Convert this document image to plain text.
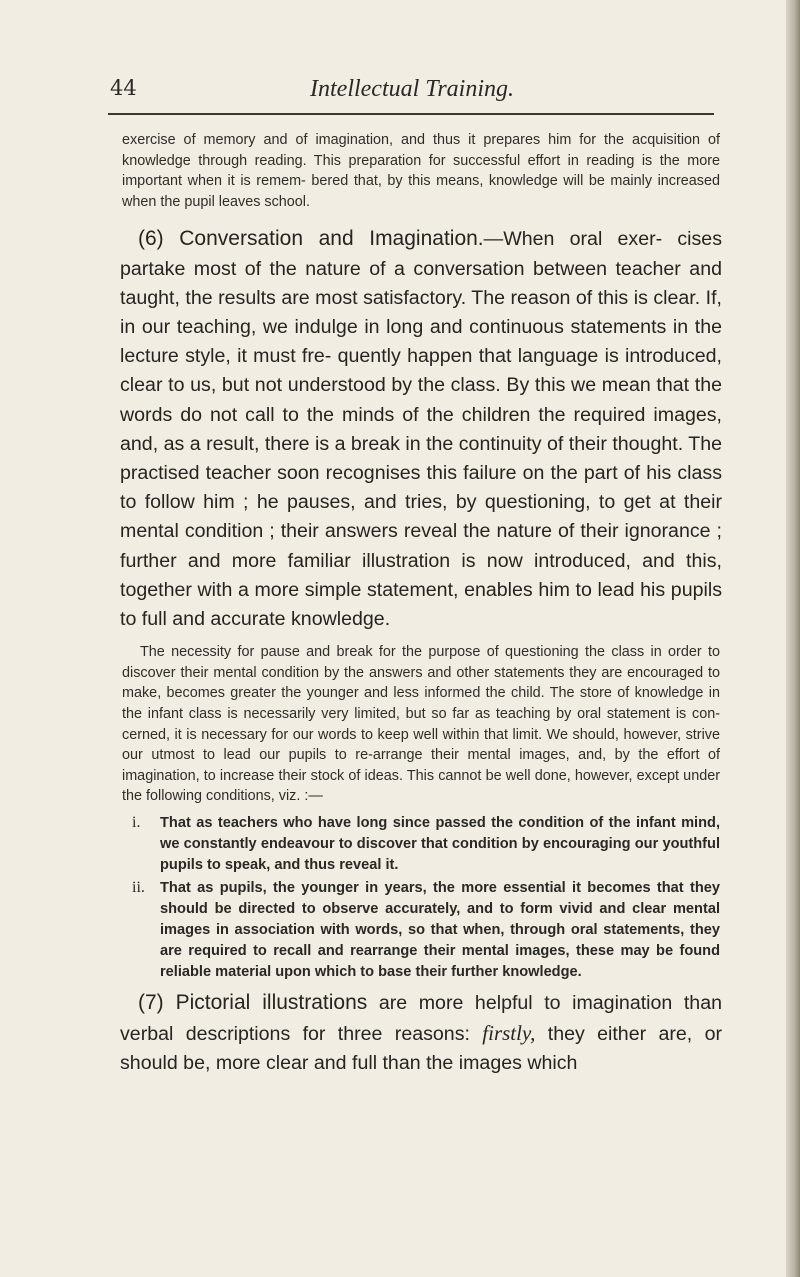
44	Intellectual Training.

exercise of memory and of imagination, and thus it prepares him for the acquisition of knowledge through reading. This preparation for successful effort in reading is the more important when it is remem- bered that, by this means, knowledge will be mainly increased when the pupil leaves school.

(6) Conversation and Imagination.—When oral exer- cises partake most of the nature of a conversation between teacher and taught, the results are most satisfactory. The reason of this is clear. If, in our teaching, we indulge in long and continuous statements in the lecture style, it must fre- quently happen that language is introduced, clear to us, but not understood by the class. By this we mean that the words do not call to the minds of the children the required images, and, as a result, there is a break in the continuity of their thought. The practised teacher soon recognises this failure on the part of his class to follow him ; he pauses, and tries, by questioning, to get at their mental condition ; their answers reveal the nature of their ignorance ; further and more familiar illustration is now introduced, and this, together with a more simple statement, enables him to lead his pupils to full and accurate knowledge.

The necessity for pause and break for the purpose of questioning the class in order to discover their mental condition by the answers and other statements they are encouraged to make, becomes greater the younger and less informed the child. The store of knowledge in the infant class is necessarily very limited, but so far as teaching by oral statement is con- cerned, it is necessary for our words to keep well within that limit. We should, however, strive our utmost to lead our pupils to re-arrange their mental images, and, by the effort of imagination, to increase their stock of ideas. This cannot be well done, however, except under the following conditions, viz. :—

i. That as teachers who have long since passed the condition of the infant mind, we constantly endeavour to discover that condition by encouraging our youthful pupils to speak, and thus reveal it.
ii. That as pupils, the younger in years, the more essential it becomes that they should be directed to observe accurately, and to form vivid and clear mental images in association with words, so that when, through oral statements, they are required to recall and rearrange their mental images, these may be found reliable material upon which to base their further knowledge.

(7) Pictorial illustrations are more helpful to imagination than verbal descriptions for three reasons: firstly, they either are, or should be, more clear and full than the images which
